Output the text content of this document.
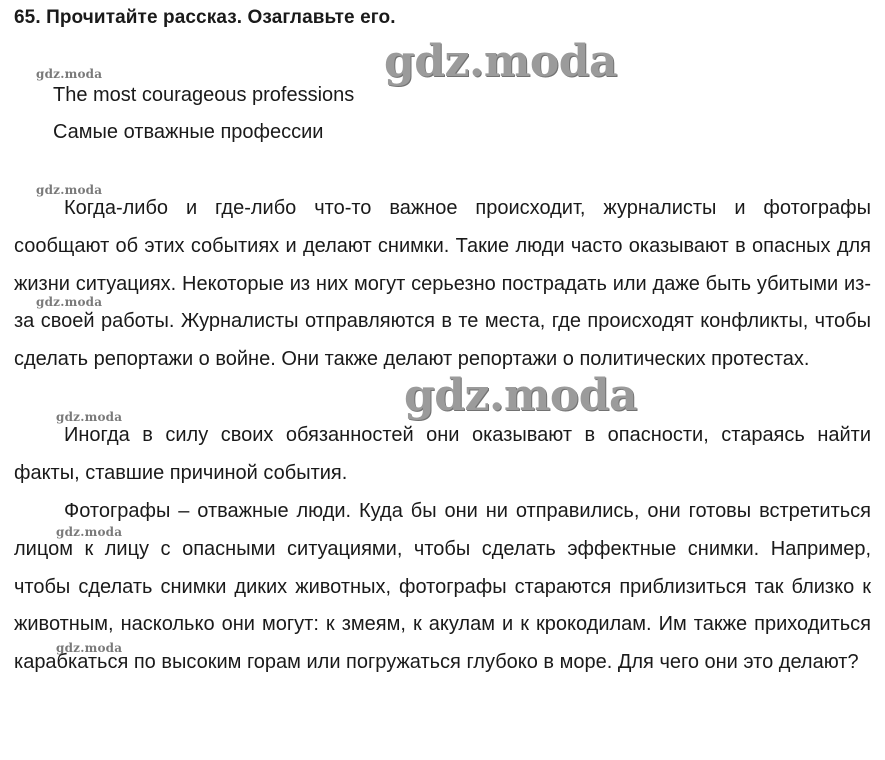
65. Прочитайте рассказ. Озаглавьте его.
The most courageous professions
Самые отважные профессии

Когда-либо и где-либо что-то важное происходит, журналисты и фотографы сообщают об этих событиях и делают снимки. Такие люди часто оказывают в опасных для жизни ситуациях. Некоторые из них могут серьезно пострадать или даже быть убитыми из-за своей работы. Журналисты отправляются в те места, где происходят конфликты, чтобы сделать репортажи о войне. Они также делают репортажи о политических протестах.

Иногда в силу своих обязанностей они оказывают в опасности, стараясь найти факты, ставшие причиной события.

Фотографы – отважные люди. Куда бы они ни отправились, они готовы встретиться лицом к лицу с опасными ситуациями, чтобы сделать эффектные снимки. Например, чтобы сделать снимки диких животных, фотографы стараются приблизиться так близко к животным, насколько они могут: к змеям, к акулам и к крокодилам. Им также приходиться карабкаться по высоким горам или погружаться глубоко в море. Для чего они это делают?

gdz.moda
gdz.moda
gdz.moda
gdz.moda
gdz.moda
gdz.moda
gdz.moda
gdz.moda
